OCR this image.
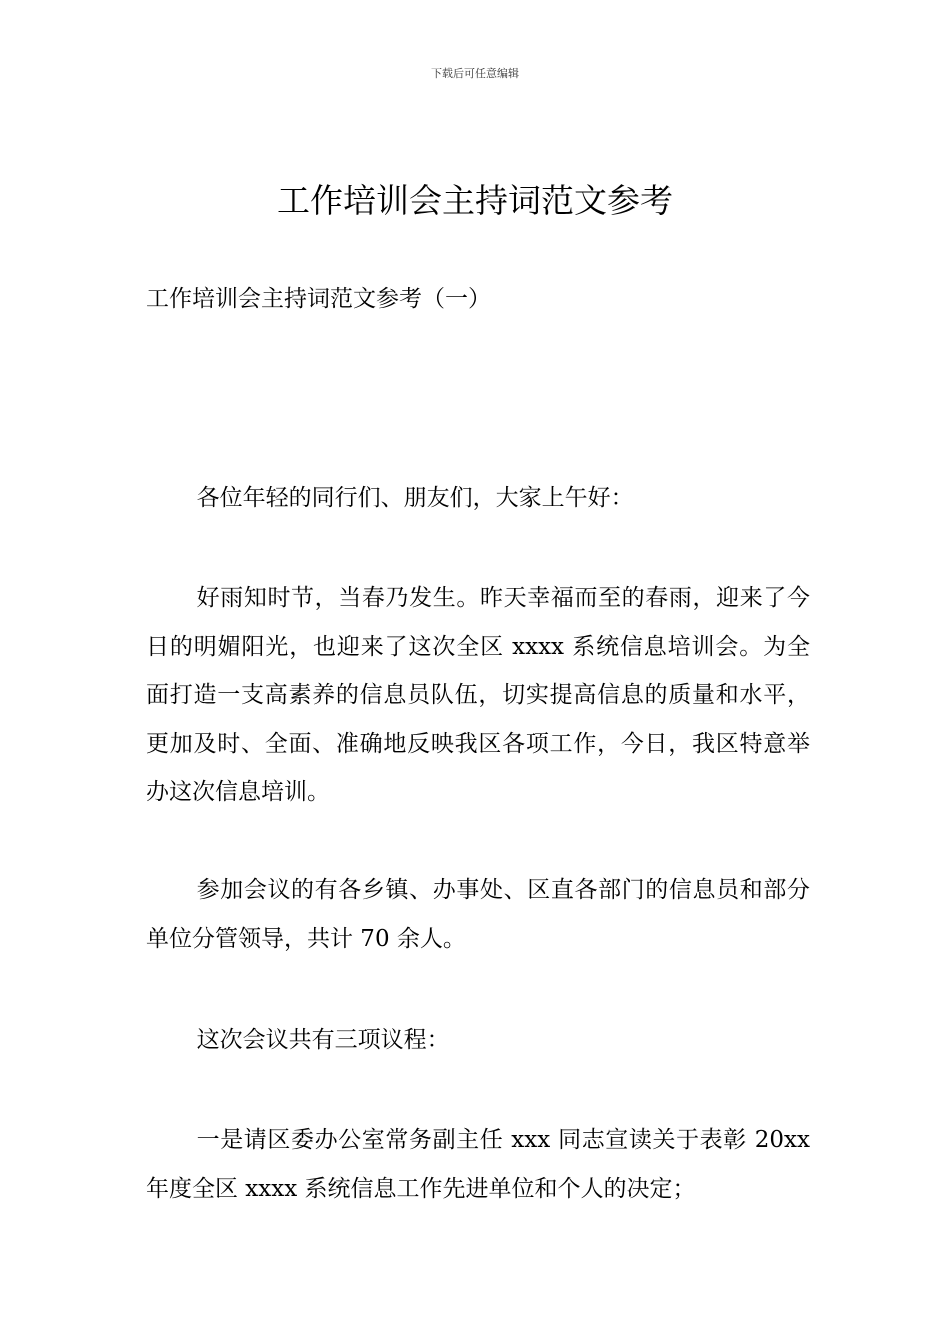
下载后可任意编辑
工作培训会主持词范文参考

工作培训会主持词范文参考（一）

各位年轻的同行们、朋友们，大家上午好：

好雨知时节，当春乃发生。昨天幸福而至的春雨，迎来了今日的明媚阳光，也迎来了这次全区 xxxx 系统信息培训会。为全面打造一支高素养的信息员队伍，切实提高信息的质量和水平，更加及时、全面、准确地反映我区各项工作，今日，我区特意举办这次信息培训。

参加会议的有各乡镇、办事处、区直各部门的信息员和部分单位分管领导，共计 70 余人。

这次会议共有三项议程：

一是请区委办公室常务副主任 xxx 同志宣读关于表彰 20xx 年度全区 xxxx 系统信息工作先进单位和个人的决定；
